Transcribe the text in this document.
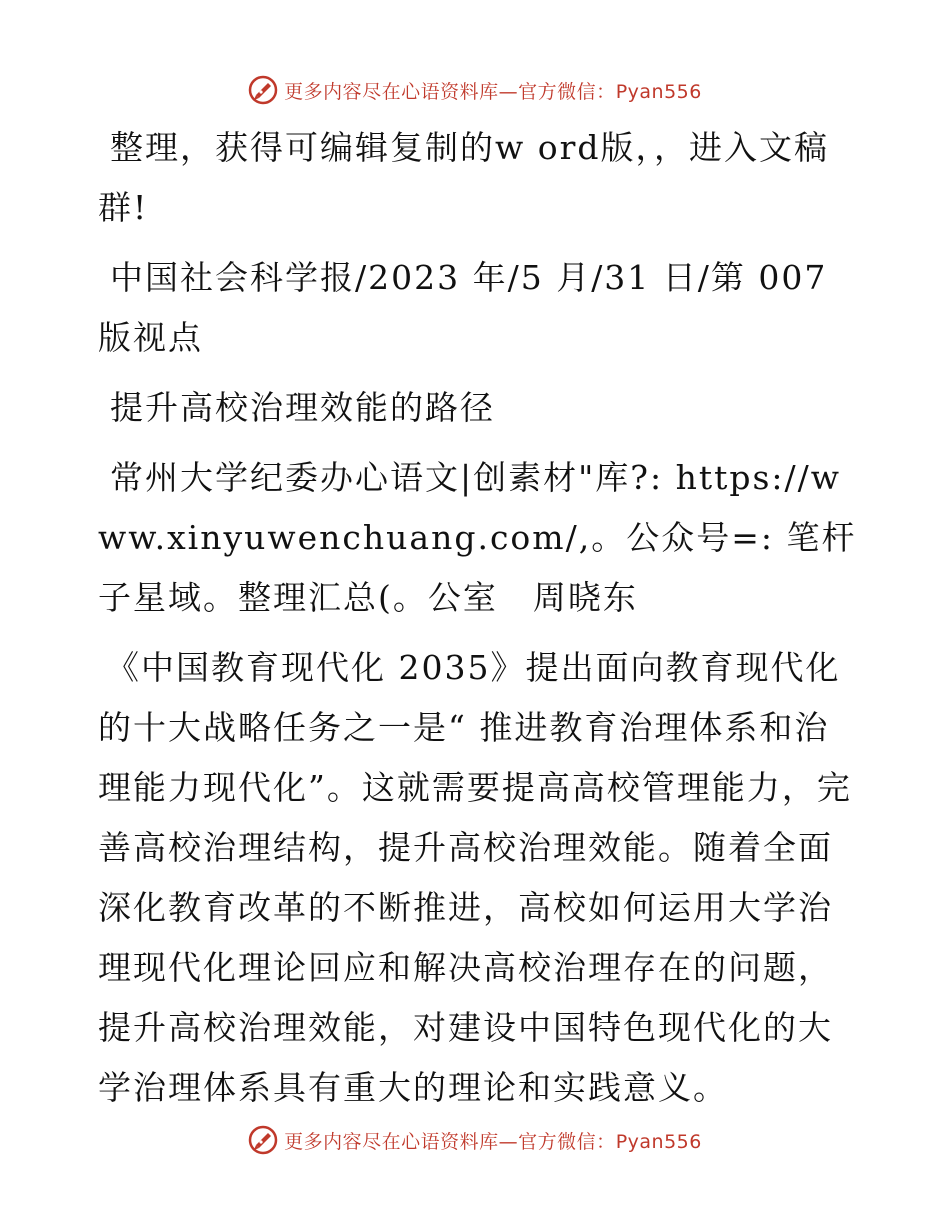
更多内容尽在心语资料库—官方微信：Pyan556

整理，获得可编辑复制的w ord版，，进入文稿群!

中国社会科学报/2023 年/5 月/31 日/第 007 版视点

提升高校治理效能的路径

常州大学纪委办心语文|创素材"库?: https://www.xinyuwenchuang.com/,。公众号=: 笔杆子星域。整理汇总(。公室　周晓东

《中国教育现代化 2035》提出面向教育现代化的十大战略任务之一是“ 推进教育治理体系和治理能力现代化”。这就需要提高高校管理能力，完善高校治理结构，提升高校治理效能。随着全面深化教育改革的不断推进，高校如何运用大学治理现代化理论回应和解决高校治理存在的问题，提升高校治理效能，对建设中国特色现代化的大学治理体系具有重大的理论和实践意义。

更多内容尽在心语资料库—官方微信：Pyan556
